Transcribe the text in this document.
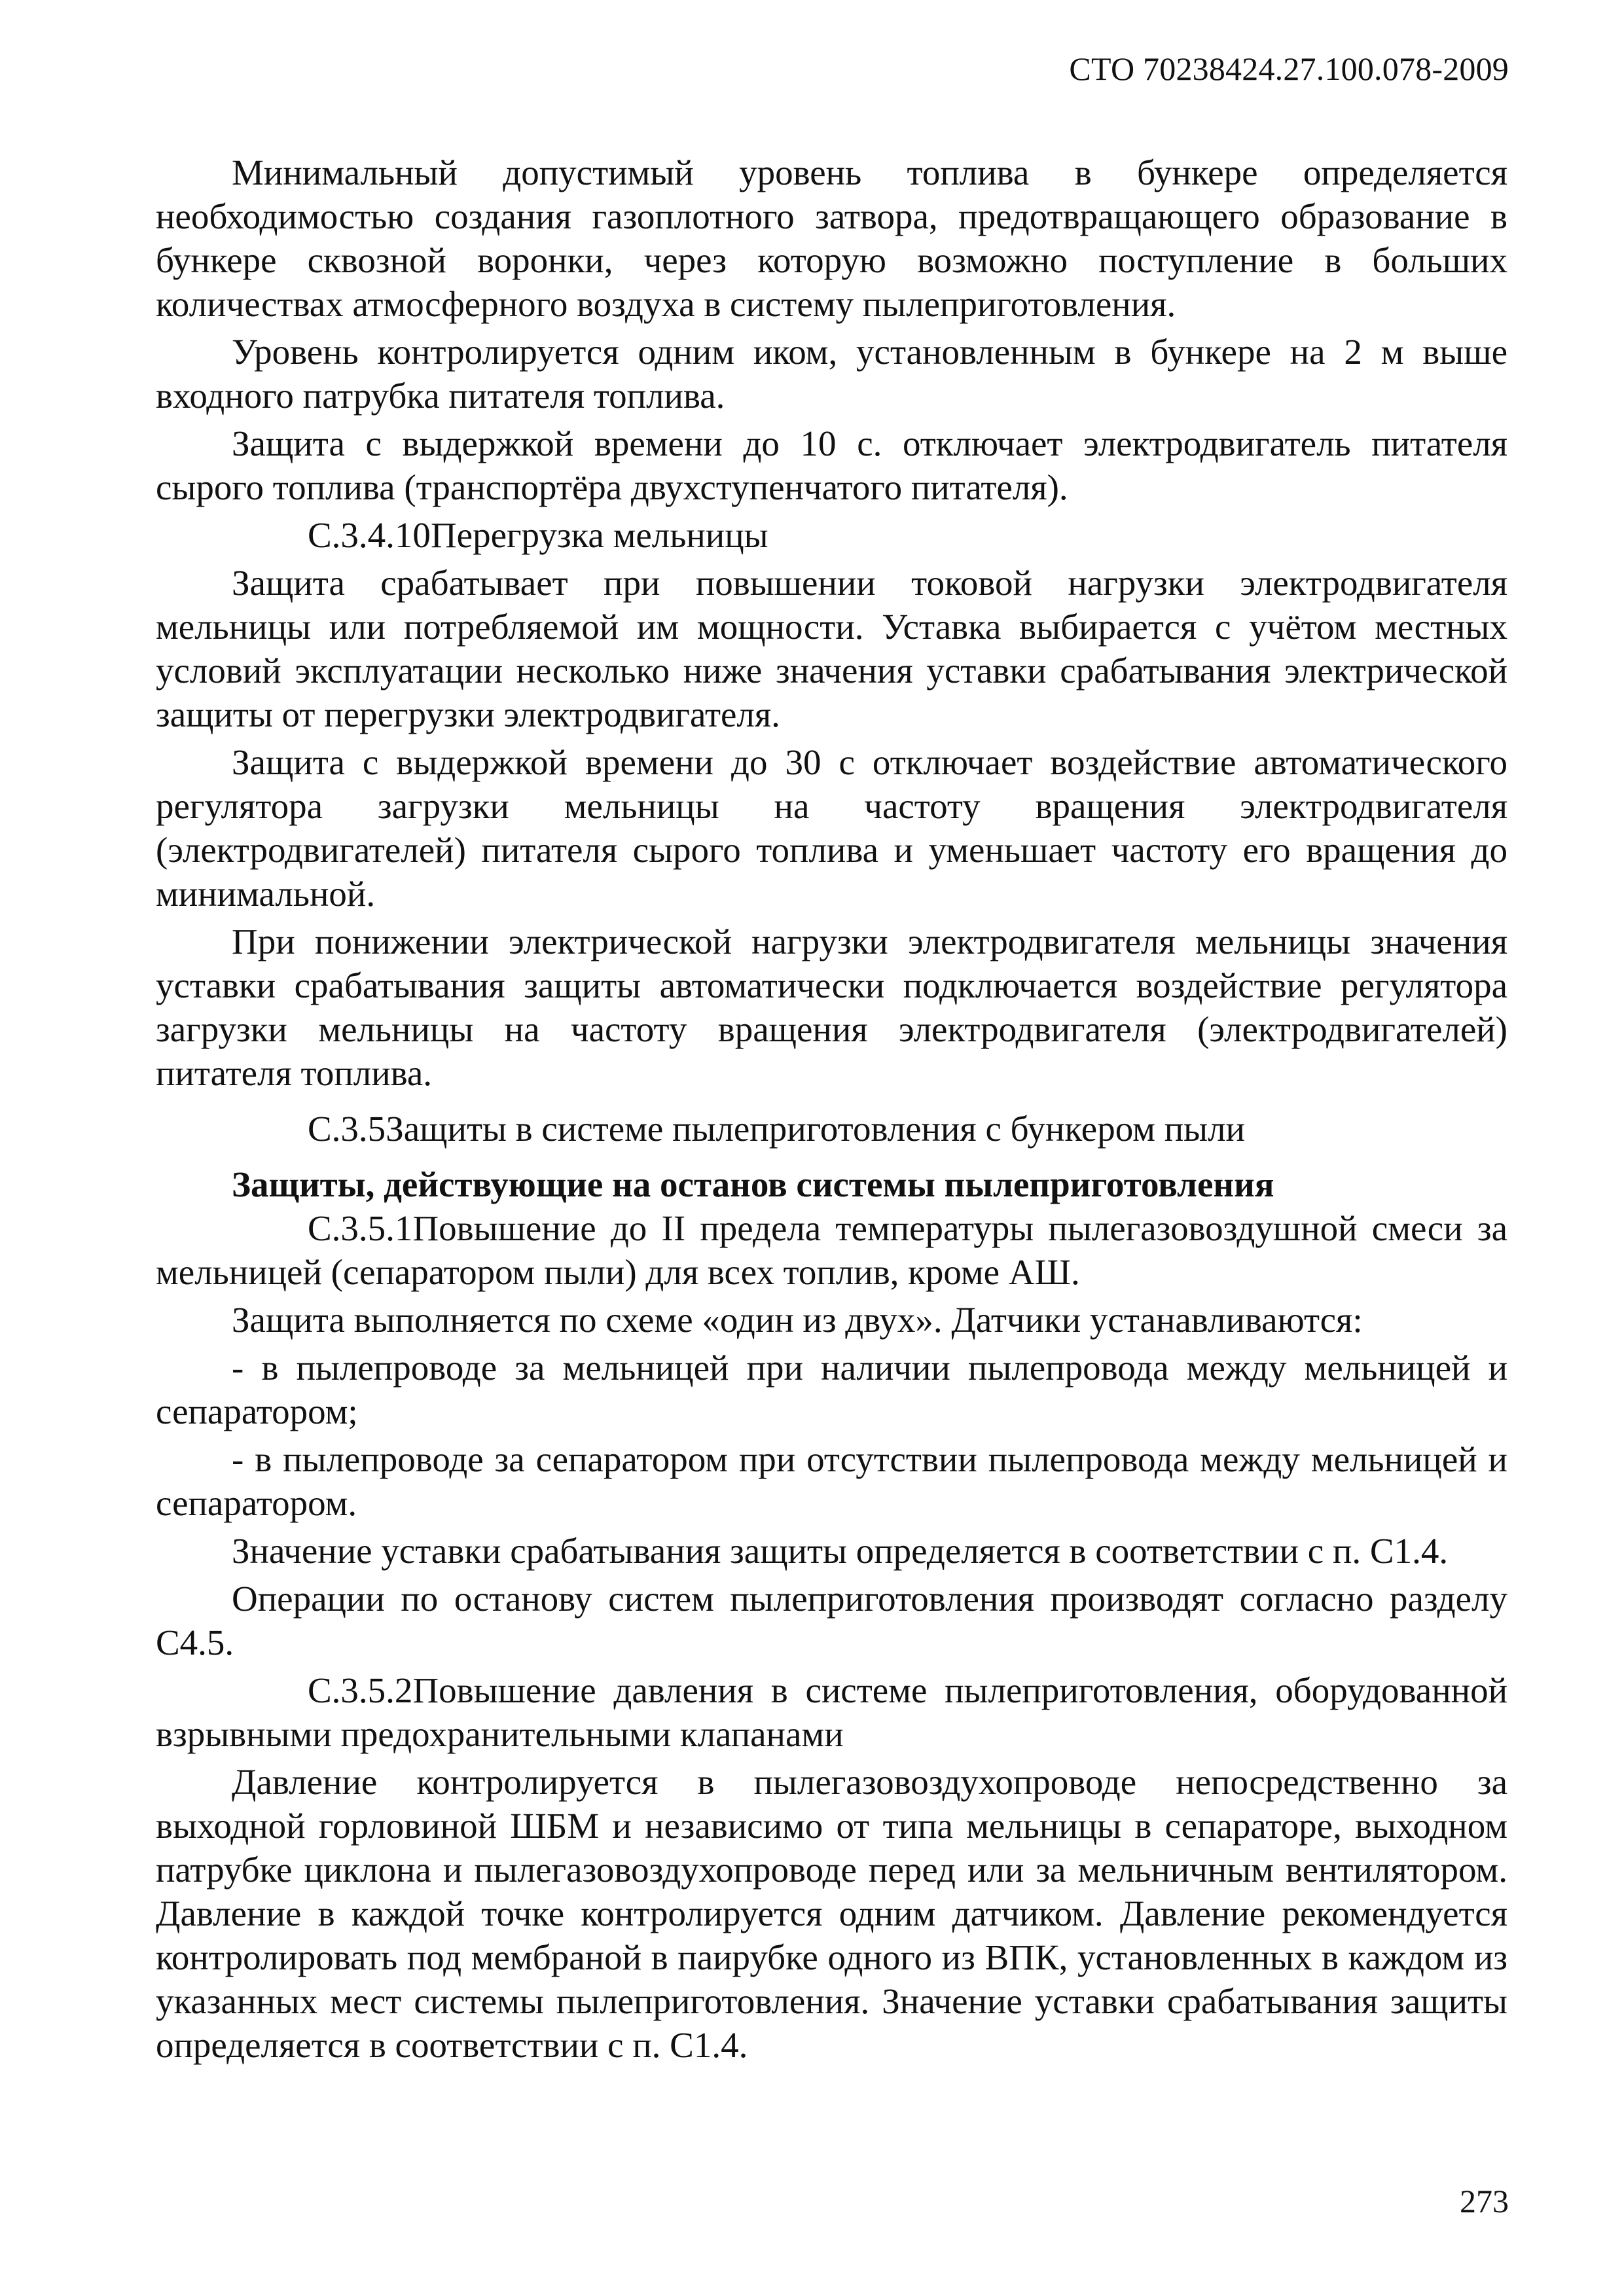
СТО 70238424.27.100.078-2009

Минимальный допустимый уровень топлива в бункере определяется необходимостью создания газоплотного затвора, предотвращающего образование в бункере сквозной воронки, через которую возможно поступление в больших количествах атмосферного воздуха в систему пылеприготовления.

Уровень контролируется одним иком, установленным в бункере на 2 м выше входного патрубка питателя топлива.

Защита с выдержкой времени до 10 с. отключает электродвигатель питателя сырого топлива (транспортёра двухступенчатого питателя).

С.3.4.10Перегрузка мельницы

Защита срабатывает при повышении токовой нагрузки электродвигателя мельницы или потребляемой им мощности. Уставка выбирается с учётом местных условий эксплуатации несколько ниже значения уставки срабатывания электрической защиты от перегрузки электродвигателя.

Защита с выдержкой времени до 30 с отключает воздействие автоматического регулятора загрузки мельницы на частоту вращения электродвигателя (электродвигателей) питателя сырого топлива и уменьшает частоту его вращения до минимальной.

При понижении электрической нагрузки электродвигателя мельницы значения уставки срабатывания защиты автоматически подключается воздействие регулятора загрузки мельницы на частоту вращения электродвигателя (электродвигателей) питателя топлива.

С.3.5Защиты в системе пылеприготовления с бункером пыли

Защиты, действующие на останов системы пылеприготовления

С.3.5.1Повышение до II предела температуры пылегазовоздушной смеси за мельницей (сепаратором пыли) для всех топлив, кроме АШ.

Защита выполняется по схеме «один из двух». Датчики устанавливаются:

- в пылепроводе за мельницей при наличии пылепровода между мельницей и сепаратором;

- в пылепроводе за сепаратором при отсутствии пылепровода между мельницей и сепаратором.

Значение уставки срабатывания защиты определяется в соответствии с п. С1.4.

Операции по останову систем пылеприготовления производят согласно разделу С4.5.

С.3.5.2Повышение давления в системе пылеприготовления, оборудованной взрывными предохранительными клапанами

Давление контролируется в пылегазовоздухопроводе непосредственно за выходной горловиной ШБМ и независимо от типа мельницы в сепараторе, выходном патрубке циклона и пылегазовоздухопроводе перед или за мельничным вентилятором. Давление в каждой точке контролируется одним датчиком. Давление рекомендуется контролировать под мембраной в паирубке одного из ВПК, установленных в каждом из указанных мест системы пылеприготовления. Значение уставки срабатывания защиты определяется в соответствии с п. С1.4.

273
